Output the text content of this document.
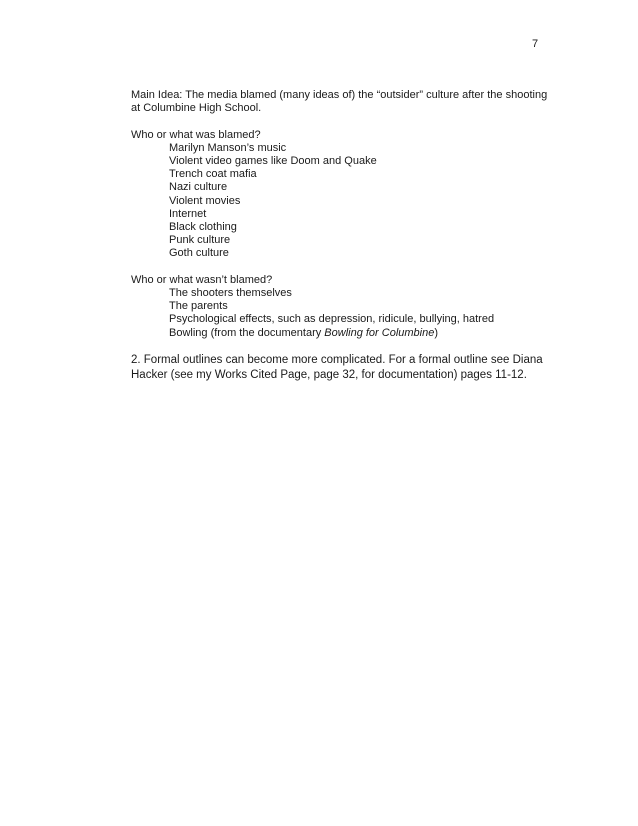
7

Main Idea: The media blamed (many ideas of) the “outsider” culture after the shooting at Columbine High School.

Who or what was blamed?

Marilyn Manson’s music
Violent video games like Doom and Quake
Trench coat mafia
Nazi culture
Violent movies
Internet
Black clothing
Punk culture
Goth culture

Who or what wasn’t blamed?

The shooters themselves
The parents
Psychological effects, such as depression, ridicule, bullying, hatred
Bowling (from the documentary Bowling for Columbine)

2. Formal outlines can become more complicated. For a formal outline see Diana Hacker (see my Works Cited Page, page 32, for documentation) pages 11-12.
